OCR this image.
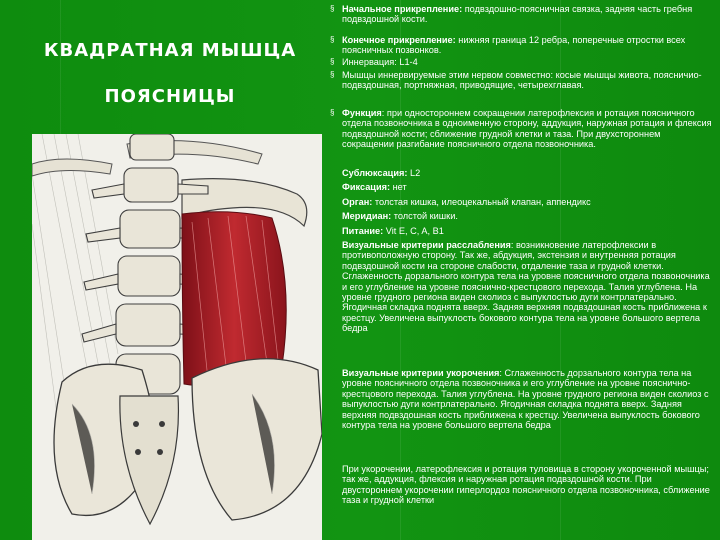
КВАДРАТНАЯ МЫШЦА
ПОЯСНИЦЫ
§ Начальное прикрепление: подвздошно-поясничная связка, задняя часть гребня подвздошной кости.
§ Конечное прикрепление: нижняя граница 12 ребра, поперечные отростки всех поясничных позвонков.
§ Иннервация: L1-4
§ Мышцы иннервируемые этим нервом совместно: косые мышцы живота, поясничио-подвздошная, портняжная, приводящие, четырехглавая.
§ Функция: при одностороннем сокращении латерофлексия и ротация поясничного отдела позвоночника в одноименную сторону, аддукция, наружная ротация и флексия подвздошной кости; сближение грудной клетки и таза. При двухстороннем сокращении разгибание поясничного отдела позвоночника.
Сублюксация: L2
Фиксация: нет
Орган: толстая кишка, илеоцекальный клапан, аппендикс
Меридиан: толстой кишки.
Питание: Vit E, C, A, B1
Визуальные критерии расслабления: возникновение латерофлексии в противоположную сторону. Так же, абдукция, экстензия и внутренняя ротация подвздошной кости на стороне слабости, отдаление таза и грудной клетки. Сглаженность дорзального контура тела на уровне поясничного отдела позвоночника и его углубление на уровне пояснично-крестцового перехода. Талия углублена. На уровне грудного региона виден сколиоз с выпуклостью дуги контрлатерально. Ягодичная складка поднята вверх. Задняя верхняя подвздошная кость приближена к крестцу. Увеличена выпуклость бокового контура тела на уровне большого вертела бедра
Визуальные критерии укорочения: Сглаженность дорзального контура тела на уровне поясничного отдела позвоночника и его углубление на уровне пояснично-крестцового перехода. Талия углублена. На уровне грудного региона виден сколиоз с выпуклостью дуги контрлатерально. Ягодичная складка поднята вверх. Задняя верхняя подвздошная кость приближена к крестцу. Увеличена выпуклость бокового контура тела на уровне большого вертела бедра
При укорочении, латерофлексия и ротация туловища в сторону укороченной мышцы; так же, аддукция, флексия и наружная ротация подвздошной кости. При двустороннем укорочении гиперлордоз поясничного отдела позвоночника, сближение таза и грудной клетки
